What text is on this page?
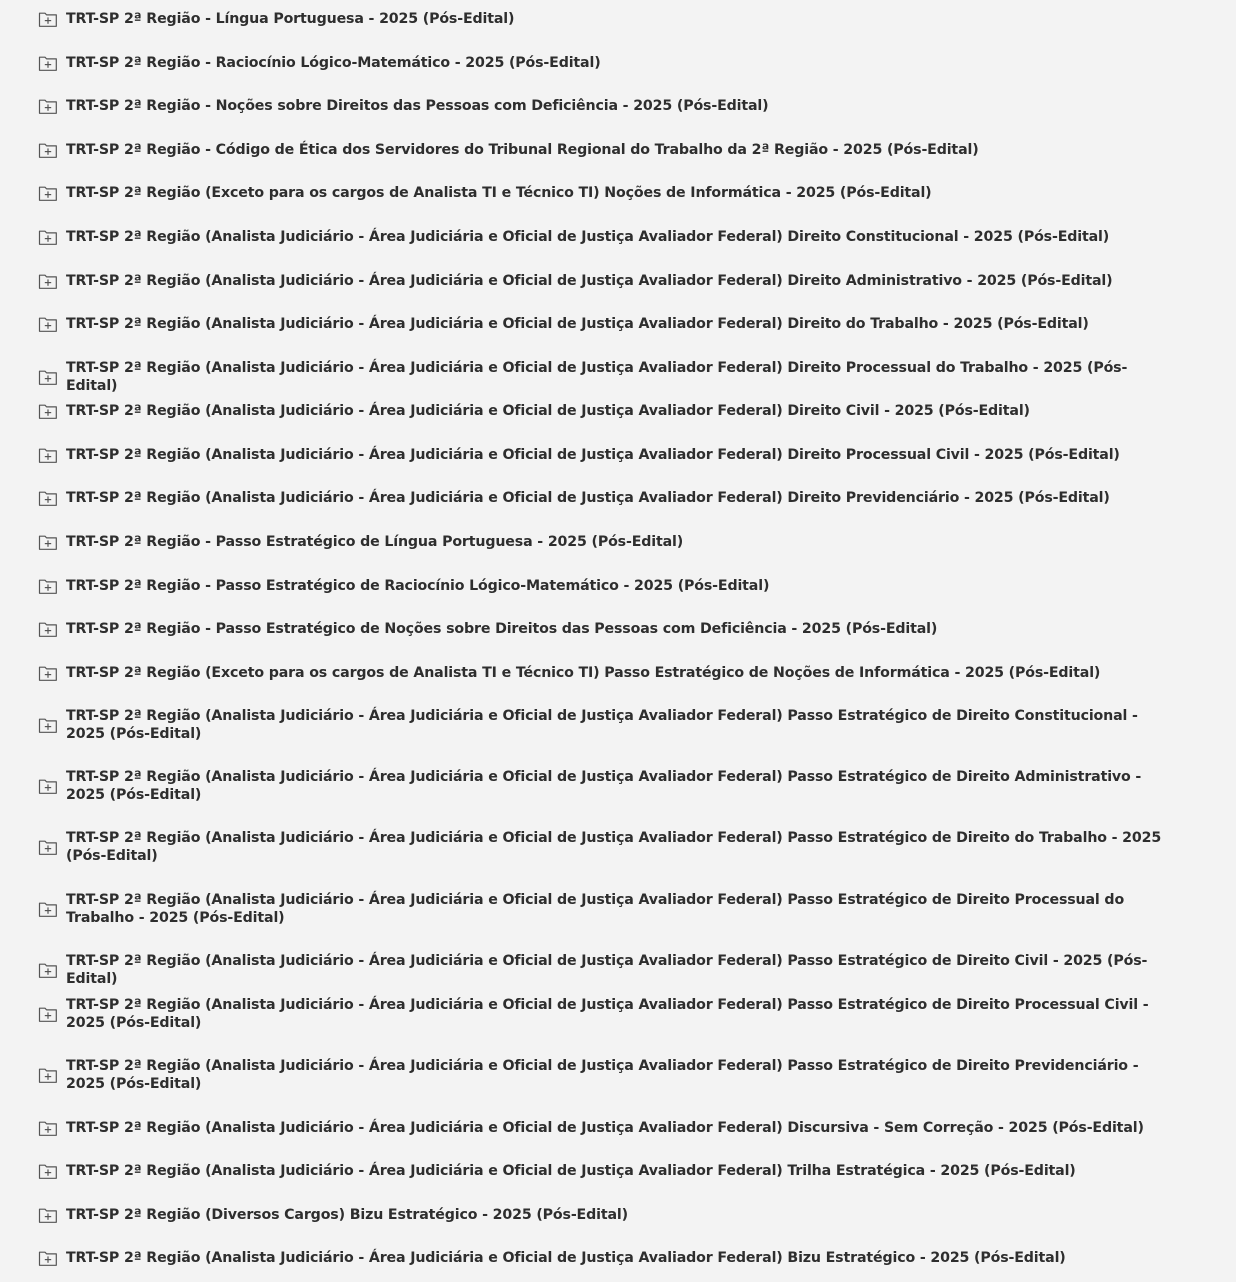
TRT-SP 2ª Região - Língua Portuguesa - 2025 (Pós-Edital)
TRT-SP 2ª Região - Raciocínio Lógico-Matemático - 2025 (Pós-Edital)
TRT-SP 2ª Região - Noções sobre Direitos das Pessoas com Deficiência - 2025 (Pós-Edital)
TRT-SP 2ª Região - Código de Ética dos Servidores do Tribunal Regional do Trabalho da 2ª Região - 2025 (Pós-Edital)
TRT-SP 2ª Região (Exceto para os cargos de Analista TI e Técnico TI) Noções de Informática - 2025 (Pós-Edital)
TRT-SP 2ª Região (Analista Judiciário - Área Judiciária e Oficial de Justiça Avaliador Federal) Direito Constitucional - 2025 (Pós-Edital)
TRT-SP 2ª Região (Analista Judiciário - Área Judiciária e Oficial de Justiça Avaliador Federal) Direito Administrativo - 2025 (Pós-Edital)
TRT-SP 2ª Região (Analista Judiciário - Área Judiciária e Oficial de Justiça Avaliador Federal) Direito do Trabalho - 2025 (Pós-Edital)
TRT-SP 2ª Região (Analista Judiciário - Área Judiciária e Oficial de Justiça Avaliador Federal) Direito Processual do Trabalho - 2025 (Pós-Edital)
TRT-SP 2ª Região (Analista Judiciário - Área Judiciária e Oficial de Justiça Avaliador Federal) Direito Civil - 2025 (Pós-Edital)
TRT-SP 2ª Região (Analista Judiciário - Área Judiciária e Oficial de Justiça Avaliador Federal) Direito Processual Civil - 2025 (Pós-Edital)
TRT-SP 2ª Região (Analista Judiciário - Área Judiciária e Oficial de Justiça Avaliador Federal) Direito Previdenciário - 2025 (Pós-Edital)
TRT-SP 2ª Região - Passo Estratégico de Língua Portuguesa - 2025 (Pós-Edital)
TRT-SP 2ª Região - Passo Estratégico de Raciocínio Lógico-Matemático - 2025 (Pós-Edital)
TRT-SP 2ª Região - Passo Estratégico de Noções sobre Direitos das Pessoas com Deficiência - 2025 (Pós-Edital)
TRT-SP 2ª Região (Exceto para os cargos de Analista TI e Técnico TI) Passo Estratégico de Noções de Informática - 2025 (Pós-Edital)
TRT-SP 2ª Região (Analista Judiciário - Área Judiciária e Oficial de Justiça Avaliador Federal) Passo Estratégico de Direito Constitucional - 2025 (Pós-Edital)
TRT-SP 2ª Região (Analista Judiciário - Área Judiciária e Oficial de Justiça Avaliador Federal) Passo Estratégico de Direito Administrativo - 2025 (Pós-Edital)
TRT-SP 2ª Região (Analista Judiciário - Área Judiciária e Oficial de Justiça Avaliador Federal) Passo Estratégico de Direito do Trabalho - 2025 (Pós-Edital)
TRT-SP 2ª Região (Analista Judiciário - Área Judiciária e Oficial de Justiça Avaliador Federal) Passo Estratégico de Direito Processual do Trabalho - 2025 (Pós-Edital)
TRT-SP 2ª Região (Analista Judiciário - Área Judiciária e Oficial de Justiça Avaliador Federal) Passo Estratégico de Direito Civil - 2025 (Pós-Edital)
TRT-SP 2ª Região (Analista Judiciário - Área Judiciária e Oficial de Justiça Avaliador Federal) Passo Estratégico de Direito Processual Civil - 2025 (Pós-Edital)
TRT-SP 2ª Região (Analista Judiciário - Área Judiciária e Oficial de Justiça Avaliador Federal) Passo Estratégico de Direito Previdenciário - 2025 (Pós-Edital)
TRT-SP 2ª Região (Analista Judiciário - Área Judiciária e Oficial de Justiça Avaliador Federal) Discursiva - Sem Correção - 2025 (Pós-Edital)
TRT-SP 2ª Região (Analista Judiciário - Área Judiciária e Oficial de Justiça Avaliador Federal) Trilha Estratégica - 2025 (Pós-Edital)
TRT-SP 2ª Região (Diversos Cargos) Bizu Estratégico - 2025 (Pós-Edital)
TRT-SP 2ª Região (Analista Judiciário - Área Judiciária e Oficial de Justiça Avaliador Federal) Bizu Estratégico - 2025 (Pós-Edital)
